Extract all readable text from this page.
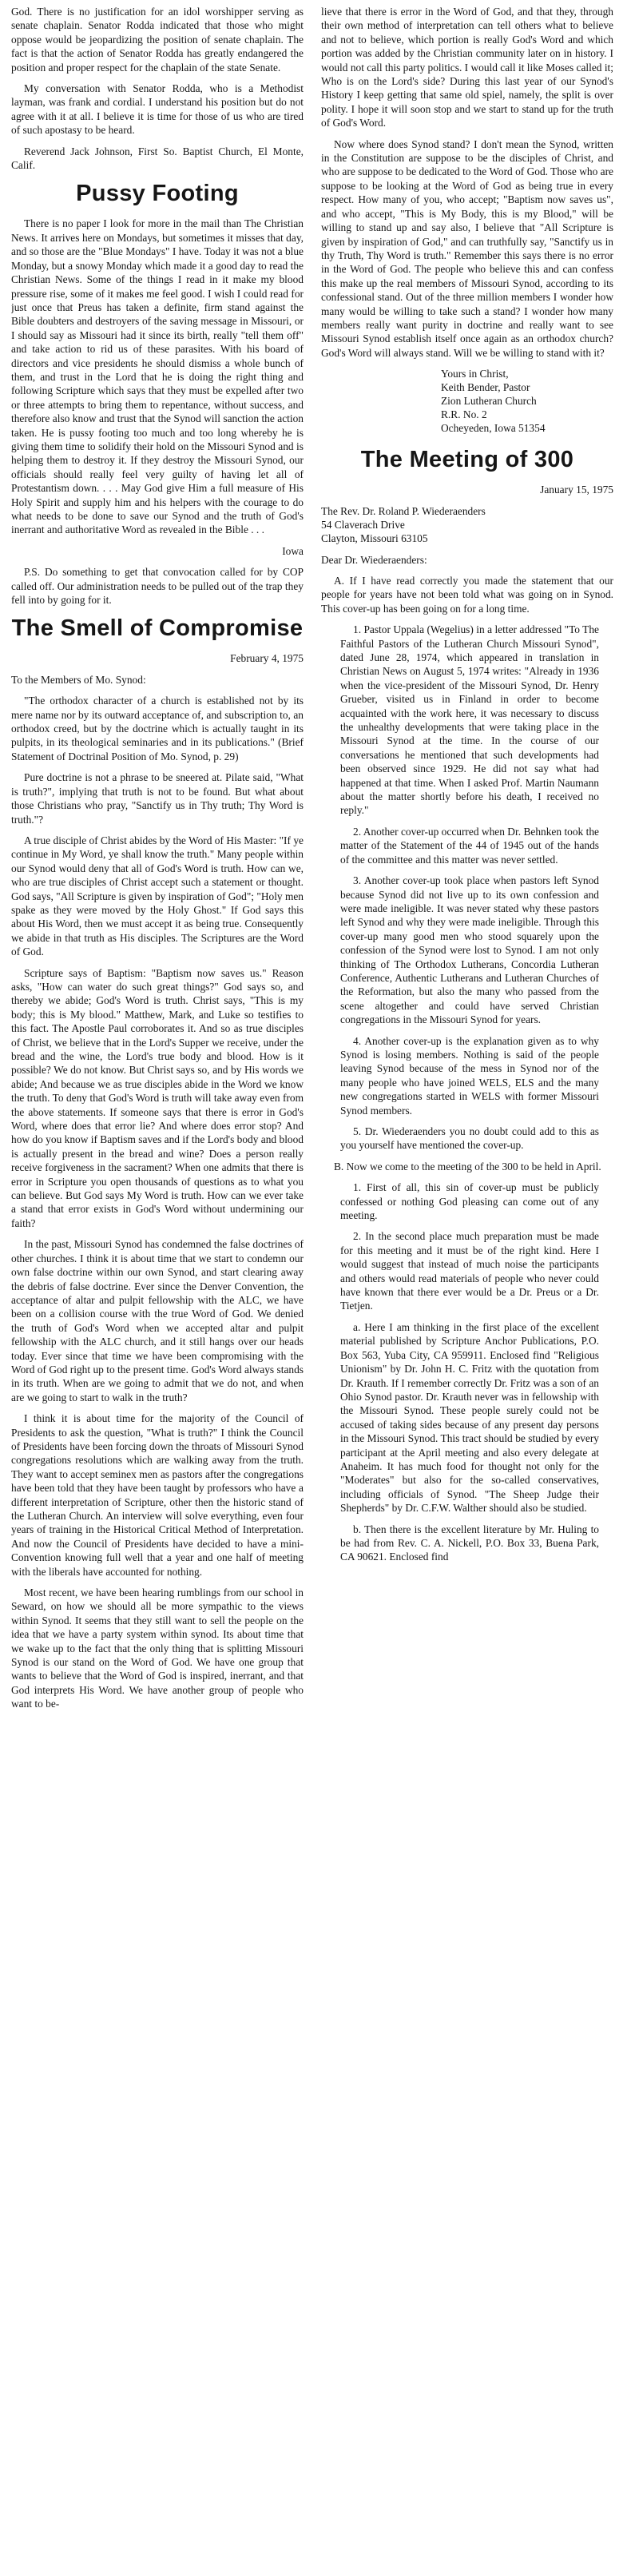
God. There is no justification for an idol worshipper serving as senate chaplain. Senator Rodda indicated that those who might oppose would be jeopardizing the position of senate chaplain. The fact is that the action of Senator Rodda has greatly endangered the position and proper respect for the chaplain of the state Senate.

My conversation with Senator Rodda, who is a Methodist layman, was frank and cordial. I understand his position but do not agree with it at all. I believe it is time for those of us who are tired of such apostasy to be heard.

Reverend Jack Johnson, First So. Baptist Church, El Monte, Calif.

Pussy Footing

There is no paper I look for more in the mail than The Christian News. It arrives here on Mondays, but sometimes it misses that day, and so those are the "Blue Mondays" I have. Today it was not a blue Monday, but a snowy Monday which made it a good day to read the Christian News. Some of the things I read in it make my blood pressure rise, some of it makes me feel good. I wish I could read for just once that Preus has taken a definite, firm stand against the Bible doubters and destroyers of the saving message in Missouri, or I should say as Missouri had it since its birth, really "tell them off" and take action to rid us of these parasites. With his board of directors and vice presidents he should dismiss a whole bunch of them, and trust in the Lord that he is doing the right thing and following Scripture which says that they must be expelled after two or three attempts to bring them to repentance, without success, and therefore also know and trust that the Synod will sanction the action taken. He is pussy footing too much and too long whereby he is giving them time to solidify their hold on the Missouri Synod and is helping them to destroy it. If they destroy the Missouri Synod, our officials should really feel very guilty of having let all of Protestantism down. . . . May God give Him a full measure of His Holy Spirit and supply him and his helpers with the courage to do what needs to be done to save our Synod and the truth of God's inerrant and authoritative Word as revealed in the Bible . . .

Iowa

P.S. Do something to get that convocation called for by COP called off. Our administration needs to be pulled out of the trap they fell into by going for it.

The Smell of Compromise

February 4, 1975

To the Members of Mo. Synod:

"The orthodox character of a church is established not by its mere name nor by its outward acceptance of, and subscription to, an orthodox creed, but by the doctrine which is actually taught in its pulpits, in its theological seminaries and in its publications." (Brief Statement of Doctrinal Position of Mo. Synod, p. 29)

Pure doctrine is not a phrase to be sneered at. Pilate said, "What is truth?", implying that truth is not to be found. But what about those Christians who pray, "Sanctify us in Thy truth; Thy Word is truth."?

A true disciple of Christ abides by the Word of His Master: "If ye continue in My Word, ye shall know the truth." Many people within our Synod would deny that all of God's Word is truth. How can we, who are true disciples of Christ accept such a statement or thought. God says, "All Scripture is given by inspiration of God"; "Holy men spake as they were moved by the Holy Ghost." If God says this about His Word, then we must accept it as being true. Consequently we abide in that truth as His disciples. The Scriptures are the Word of God.

Scripture says of Baptism: "Baptism now saves us." Reason asks, "How can water do such great things?" God says so, and thereby we abide; God's Word is truth. Christ says, "This is my body; this is My blood." Matthew, Mark, and Luke so testifies to this fact. The Apostle Paul corroborates it. And so as true disciples of Christ, we believe that in the Lord's Supper we receive, under the bread and the wine, the Lord's true body and blood. How is it possible? We do not know. But Christ says so, and by His words we abide; And because we as true disciples abide in the Word we know the truth. To deny that God's Word is truth will take away even from the above statements. If someone says that there is error in God's Word, where does that error lie? And where does error stop? And how do you know if Baptism saves and if the Lord's body and blood is actually present in the bread and wine? Does a person really receive forgiveness in the sacrament? When one admits that there is error in Scripture you open thousands of questions as to what you can believe. But God says My Word is truth. How can we ever take a stand that error exists in God's Word without undermining our faith?

In the past, Missouri Synod has condemned the false doctrines of other churches. I think it is about time that we start to condemn our own false doctrine within our own Synod, and start clearing away the debris of false doctrine. Ever since the Denver Convention, the acceptance of altar and pulpit fellowship with the ALC, we have been on a collision course with the true Word of God. We denied the truth of God's Word when we accepted altar and pulpit fellowship with the ALC church, and it still hangs over our heads today. Ever since that time we have been compromising with the Word of God right up to the present time. God's Word always stands in its truth. When are we going to admit that we do not, and when are we going to start to walk in the truth?

I think it is about time for the majority of the Council of Presidents to ask the question, "What is truth?" I think the Council of Presidents have been forcing down the throats of Missouri Synod congregations resolutions which are walking away from the truth. They want to accept seminex men as pastors after the congregations have been told that they have been taught by professors who have a different interpretation of Scripture, other then the historic stand of the Lutheran Church. An interview will solve everything, even four years of training in the Historical Critical Method of Interpretation. And now the Council of Presidents have decided to have a mini-Convention knowing full well that a year and one half of meeting with the liberals have accounted for nothing.

Most recent, we have been hearing rumblings from our school in Seward, on how we should all be more sympathic to the views within Synod. It seems that they still want to sell the people on the idea that we have a party system within synod. Its about time that we wake up to the fact that the only thing that is splitting Missouri Synod is our stand on the Word of God. We have one group that wants to believe that the Word of God is inspired, inerrant, and that God interprets His Word. We have another group of people who want to be-

lieve that there is error in the Word of God, and that they, through their own method of interpretation can tell others what to believe and not to believe, which portion is really God's Word and which portion was added by the Christian community later on in history. I would not call this party politics. I would call it like Moses called it; Who is on the Lord's side? During this last year of our Synod's History I keep getting that same old spiel, namely, the split is over polity. I hope it will soon stop and we start to stand up for the truth of God's Word.

Now where does Synod stand? I don't mean the Synod, written in the Constitution are suppose to be the disciples of Christ, and who are suppose to be dedicated to the Word of God. Those who are suppose to be looking at the Word of God as being true in every respect. How many of you, who accept; "Baptism now saves us", and who accept, "This is My Body, this is my Blood," will be willing to stand up and say also, I believe that "All Scripture is given by inspiration of God," and can truthfully say, "Sanctify us in thy Truth, Thy Word is truth." Remember this says there is no error in the Word of God. The people who believe this and can confess this make up the real members of Missouri Synod, according to its confessional stand. Out of the three million members I wonder how many would be willing to take such a stand? I wonder how many members really want purity in doctrine and really want to see Missouri Synod establish itself once again as an orthodox church? God's Word will always stand. Will we be willing to stand with it?

Yours in Christ,
Keith Bender, Pastor
Zion Lutheran Church
R.R. No. 2
Ocheyeden, Iowa 51354
The Meeting of 300

January 15, 1975

The Rev. Dr. Roland P. Wiederaenders
54 Claverach Drive
Clayton, Missouri 63105

Dear Dr. Wiederaenders:

A. If I have read correctly you made the statement that our people for years have not been told what was going on in Synod. This cover-up has been going on for a long time.

1. Pastor Uppala (Wegelius) in a letter addressed "To The Faithful Pastors of the Lutheran Church Missouri Synod", dated June 28, 1974, which appeared in translation in Christian News on August 5, 1974 writes: "Already in 1936 when the vice-president of the Missouri Synod, Dr. Henry Grueber, visited us in Finland in order to become acquainted with the work here, it was necessary to discuss the unhealthy developments that were taking place in the Missouri Synod at the time. In the course of our conversations he mentioned that such developments had been observed since 1929. He did not say what had happened at that time. When I asked Prof. Martin Naumann about the matter shortly before his death, I received no reply."

2. Another cover-up occurred when Dr. Behnken took the matter of the Statement of the 44 of 1945 out of the hands of the committee and this matter was never settled.

3. Another cover-up took place when pastors left Synod because Synod did not live up to its own confession and were made ineligible. It was never stated why these pastors left Synod and why they were made ineligible. Through this cover-up many good men who stood squarely upon the confession of the Synod were lost to Synod. I am not only thinking of The Orthodox Lutherans, Concordia Lutheran Conference, Authentic Lutherans and Lutheran Churches of the Reformation, but also the many who passed from the scene altogether and could have served Christian congregations in the Missouri Synod for years.

4. Another cover-up is the explanation given as to why Synod is losing members. Nothing is said of the people leaving Synod because of the mess in Synod nor of the many people who have joined WELS, ELS and the many new congregations started in WELS with former Missouri Synod members.

5. Dr. Wiederaenders you no doubt could add to this as you yourself have mentioned the cover-up.

B. Now we come to the meeting of the 300 to be held in April.

1. First of all, this sin of cover-up must be publicly confessed or nothing God pleasing can come out of any meeting.

2. In the second place much preparation must be made for this meeting and it must be of the right kind. Here I would suggest that instead of much noise the participants and others would read materials of people who never could have known that there ever would be a Dr. Preus or a Dr. Tietjen.

a. Here I am thinking in the first place of the excellent material published by Scripture Anchor Publications, P.O. Box 563, Yuba City, CA 959911. Enclosed find "Religious Unionism" by Dr. John H. C. Fritz with the quotation from Dr. Krauth. If I remember correctly Dr. Fritz was a son of an Ohio Synod pastor. Dr. Krauth never was in fellowship with the Missouri Synod. These people surely could not be accused of taking sides because of any present day persons in the Missouri Synod. This tract should be studied by every participant at the April meeting and also every delegate at Anaheim. It has much food for thought not only for the "Moderates" but also for the so-called conservatives, including officials of Synod. "The Sheep Judge their Shepherds" by Dr. C.F.W. Walther should also be studied.

b. Then there is the excellent literature by Mr. Huling to be had from Rev. C. A. Nickell, P.O. Box 33, Buena Park, CA 90621. Enclosed find
